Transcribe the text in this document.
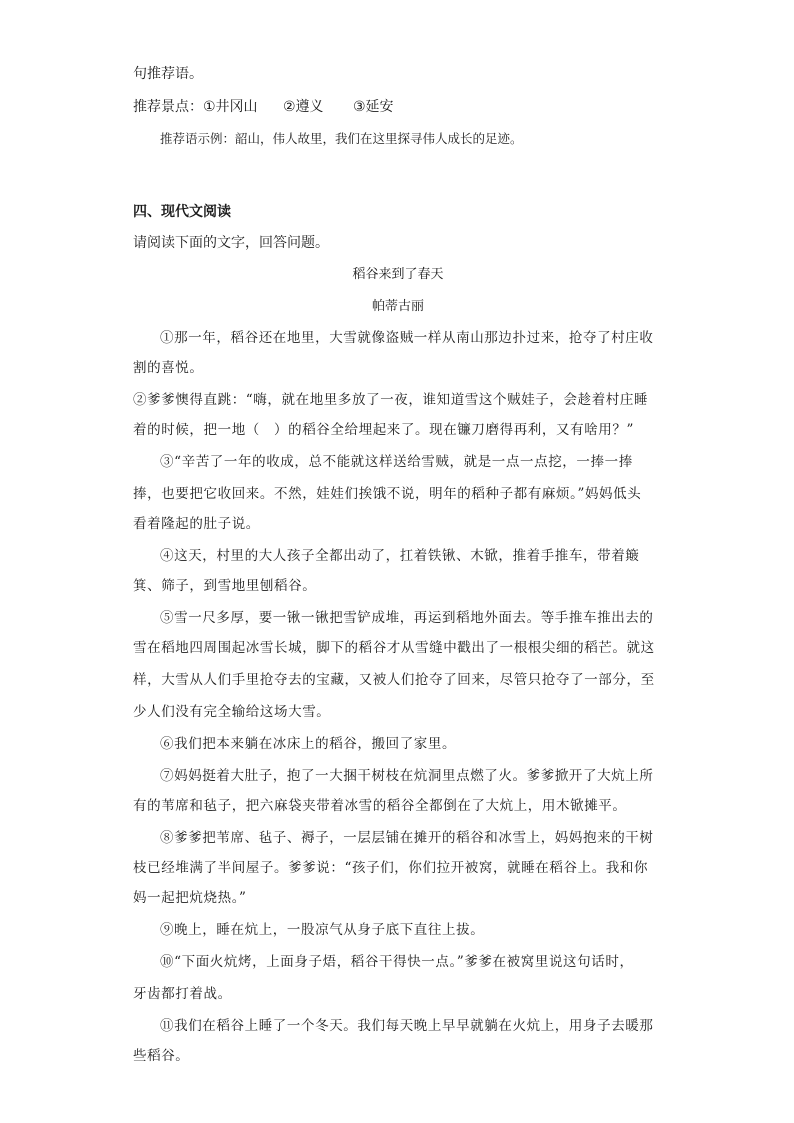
句推荐语。
推荐景点：①井冈山 ②遵义 ③延安
推荐语示例：韶山，伟人故里，我们在这里探寻伟人成长的足迹。
四、现代文阅读
请阅读下面的文字，回答问题。
稻谷来到了春天
帕蒂古丽
①那一年，稻谷还在地里，大雪就像盗贼一样从南山那边扑过来，抢夺了村庄收
割的喜悦。
②爹爹懊得直跳：“嗨，就在地里多放了一夜，谁知道雪这个贼娃子，会趁着村庄睡
着的时候，把一地（　）的稻谷全给埋起来了。现在镰刀磨得再利，又有啥用？”
③“辛苦了一年的收成，总不能就这样送给雪贼，就是一点一点挖，一捧一捧
捧，也要把它收回来。不然，娃娃们挨饿不说，明年的稻种子都有麻烦。”妈妈低头
看着隆起的肚子说。
④这天，村里的大人孩子全都出动了，扛着铁锹、木锨，推着手推车，带着簸
箕、筛子，到雪地里刨稻谷。
⑤雪一尺多厚，要一锹一锹把雪铲成堆，再运到稻地外面去。等手推车推出去的
雪在稻地四周围起冰雪长城，脚下的稻谷才从雪缝中戳出了一根根尖细的稻芒。就这
样，大雪从人们手里抢夺去的宝藏，又被人们抢夺了回来，尽管只抢夺了一部分，至
少人们没有完全输给这场大雪。
⑥我们把本来躺在冰床上的稻谷，搬回了家里。
⑦妈妈挺着大肚子，抱了一大捆干树枝在炕洞里点燃了火。爹爹掀开了大炕上所
有的苇席和毡子，把六麻袋夹带着冰雪的稻谷全都倒在了大炕上，用木锨摊平。
⑧爹爹把苇席、毡子、褥子，一层层铺在摊开的稻谷和冰雪上，妈妈抱来的干树
枝已经堆满了半间屋子。爹爹说：“孩子们，你们拉开被窝，就睡在稻谷上。我和你
妈一起把炕烧热。”
⑨晚上，睡在炕上，一股凉气从身子底下直往上拔。
⑩“下面火炕烤，上面身子焐，稻谷干得快一点。”爹爹在被窝里说这句话时，
牙齿都打着战。
⑪我们在稻谷上睡了一个冬天。我们每天晚上早早就躺在火炕上，用身子去暖那
些稻谷。
